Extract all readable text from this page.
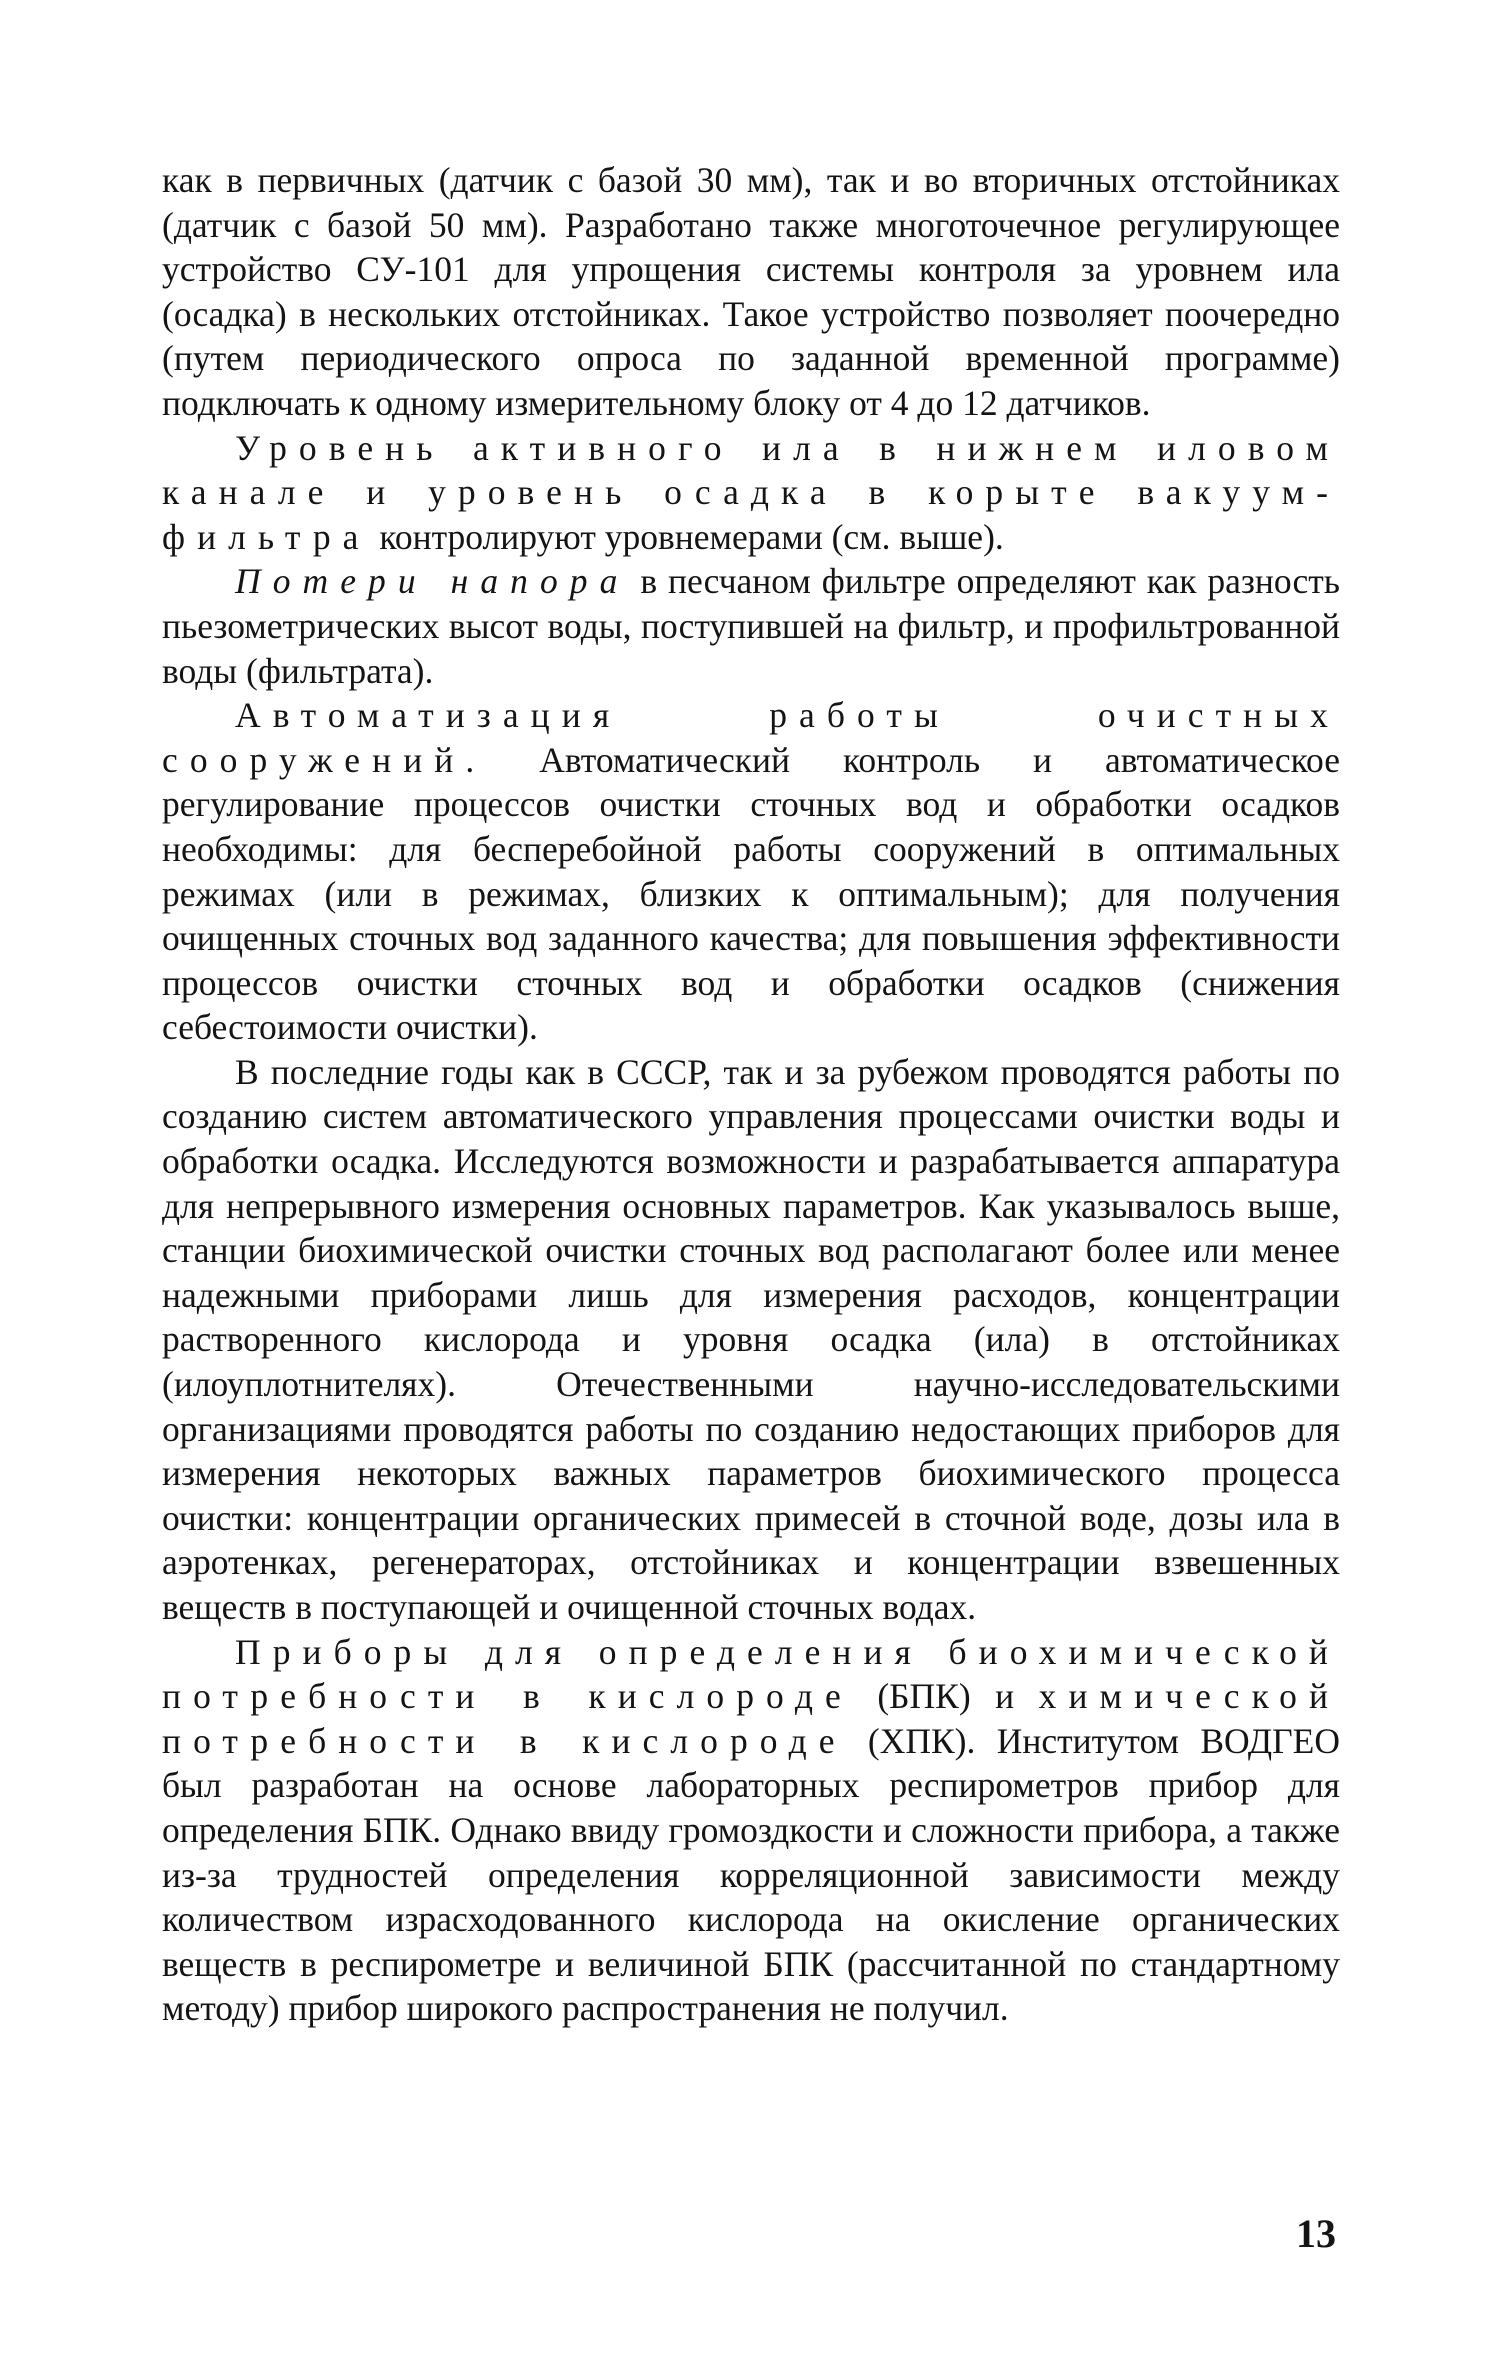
как в первичных (датчик с базой 30 мм), так и во вторичных отстойниках (датчик с базой 50 мм). Разработано также многоточечное регулирующее устройство СУ-101 для упрощения системы контроля за уровнем ила (осадка) в нескольких отстойниках. Такое устройство позволяет поочередно (путем периодического опроса по заданной временной программе) подключать к одному измерительному блоку от 4 до 12 датчиков.

Уровень активного ила в нижнем иловом канале и уровень осадка в корыте вакуум-фильтра контролируют уровнемерами (см. выше).

Потери напора в песчаном фильтре определяют как разность пьезометрических высот воды, поступившей на фильтр, и профильтрованной воды (фильтрата).

Автоматизация работы очистных сооружений. Автоматический контроль и автоматическое регулирование процессов очистки сточных вод и обработки осадков необходимы: для бесперебойной работы сооружений в оптимальных режимах (или в режимах, близких к оптимальным); для получения очищенных сточных вод заданного качества; для повышения эффективности процессов очистки сточных вод и обработки осадков (снижения себестоимости очистки).

В последние годы как в СССР, так и за рубежом проводятся работы по созданию систем автоматического управления процессами очистки воды и обработки осадка. Исследуются возможности и разрабатывается аппаратура для непрерывного измерения основных параметров. Как указывалось выше, станции биохимической очистки сточных вод располагают более или менее надежными приборами лишь для измерения расходов, концентрации растворенного кислорода и уровня осадка (ила) в отстойниках (илоуплотнителях). Отечественными научно-исследовательскими организациями проводятся работы по созданию недостающих приборов для измерения некоторых важных параметров биохимического процесса очистки: концентрации органических примесей в сточной воде, дозы ила в аэротенках, регенераторах, отстойниках и концентрации взвешенных веществ в поступающей и очищенной сточных водах.

Приборы для определения биохимической потребности в кислороде (БПК) и химической потребности в кислороде (ХПК). Институтом ВОДГЕО был разработан на основе лабораторных респирометров прибор для определения БПК. Однако ввиду громоздкости и сложности прибора, а также из-за трудностей определения корреляционной зависимости между количеством израсходованного кислорода на окисление органических веществ в респирометре и величиной БПК (рассчитанной по стандартному методу) прибор широкого распространения не получил.

13
